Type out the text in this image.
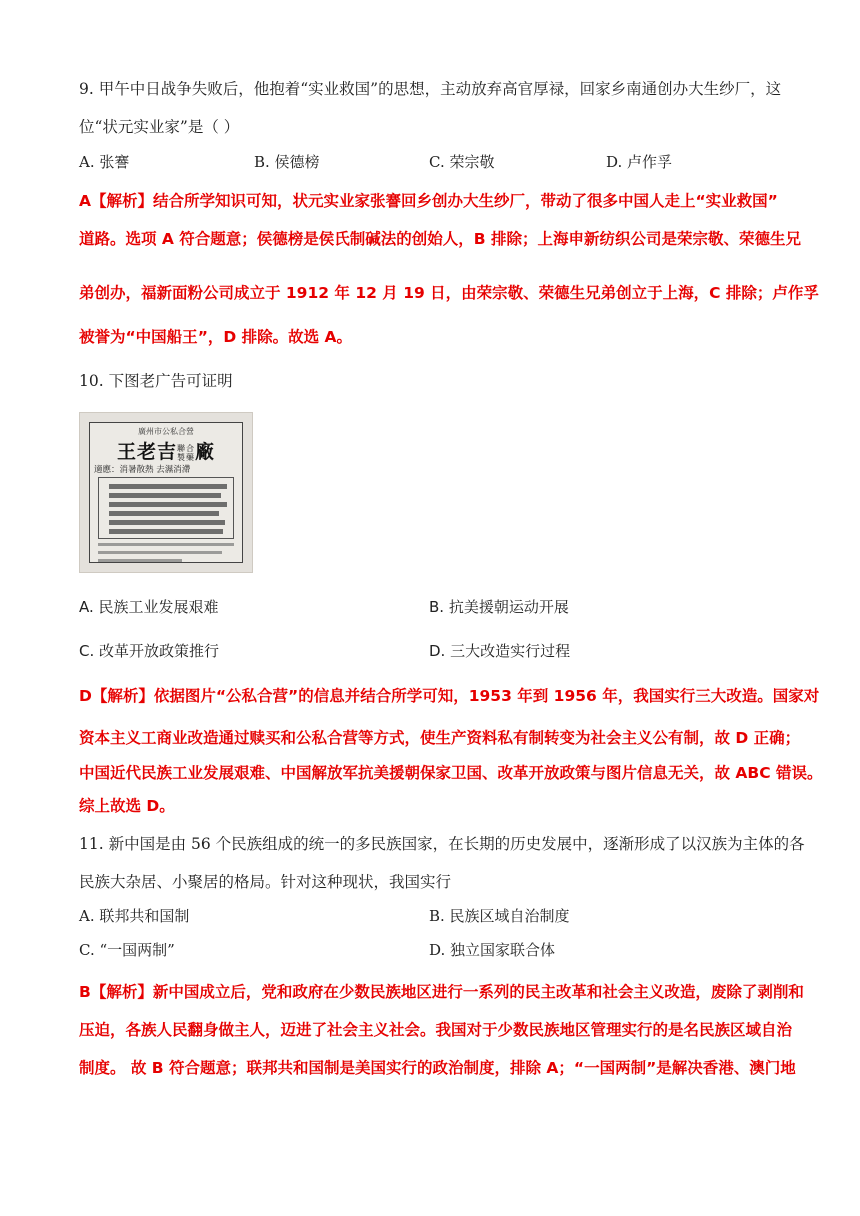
9. 甲午中日战争失败后，他抱着“实业救国”的思想，主动放弃高官厚禄，回家乡南通创办大生纱厂，这
位“状元实业家”是（ ）
A. 张謇	B. 侯德榜	C. 荣宗敬	D. 卢作孚
A【解析】结合所学知识可知，状元实业家张謇回乡创办大生纱厂，带动了很多中国人走上“实业救国”
道路。选项 A 符合题意；侯德榜是侯氏制碱法的创始人，B 排除；上海申新纺织公司是荣宗敬、荣德生兄
弟创办，福新面粉公司成立于 1912 年 12 月 19 日，由荣宗敬、荣德生兄弟创立于上海，C 排除；卢作孚
被誉为“中国船王”，D 排除。故选 A。
10. 下图老广告可证明
廣州市公私合營
王老吉聯合 製藥廠
適應：消暑散熱 去濕消滯
A. 民族工业发展艰难	B. 抗美援朝运动开展
C. 改革开放政策推行	D. 三大改造实行过程
D【解析】依据图片“公私合营”的信息并结合所学可知，1953 年到 1956 年，我国实行三大改造。国家对
资本主义工商业改造通过赎买和公私合营等方式，使生产资料私有制转变为社会主义公有制，故 D 正确；
中国近代民族工业发展艰难、中国解放军抗美援朝保家卫国、改革开放政策与图片信息无关，故 ABC 错误。
综上故选 D。
11. 新中国是由 56 个民族组成的统一的多民族国家，在长期的历史发展中，逐渐形成了以汉族为主体的各
民族大杂居、小聚居的格局。针对这种现状，我国实行
A. 联邦共和国制	B. 民族区域自治制度
C. “一国两制”	D. 独立国家联合体
B【解析】新中国成立后，党和政府在少数民族地区进行一系列的民主改革和社会主义改造，废除了剥削和
压迫，各族人民翻身做主人，迈进了社会主义社会。我国对于少数民族地区管理实行的是名民族区域自治
制度。 故 B 符合题意；联邦共和国制是美国实行的政治制度，排除 A；“一国两制”是解决香港、澳门地
